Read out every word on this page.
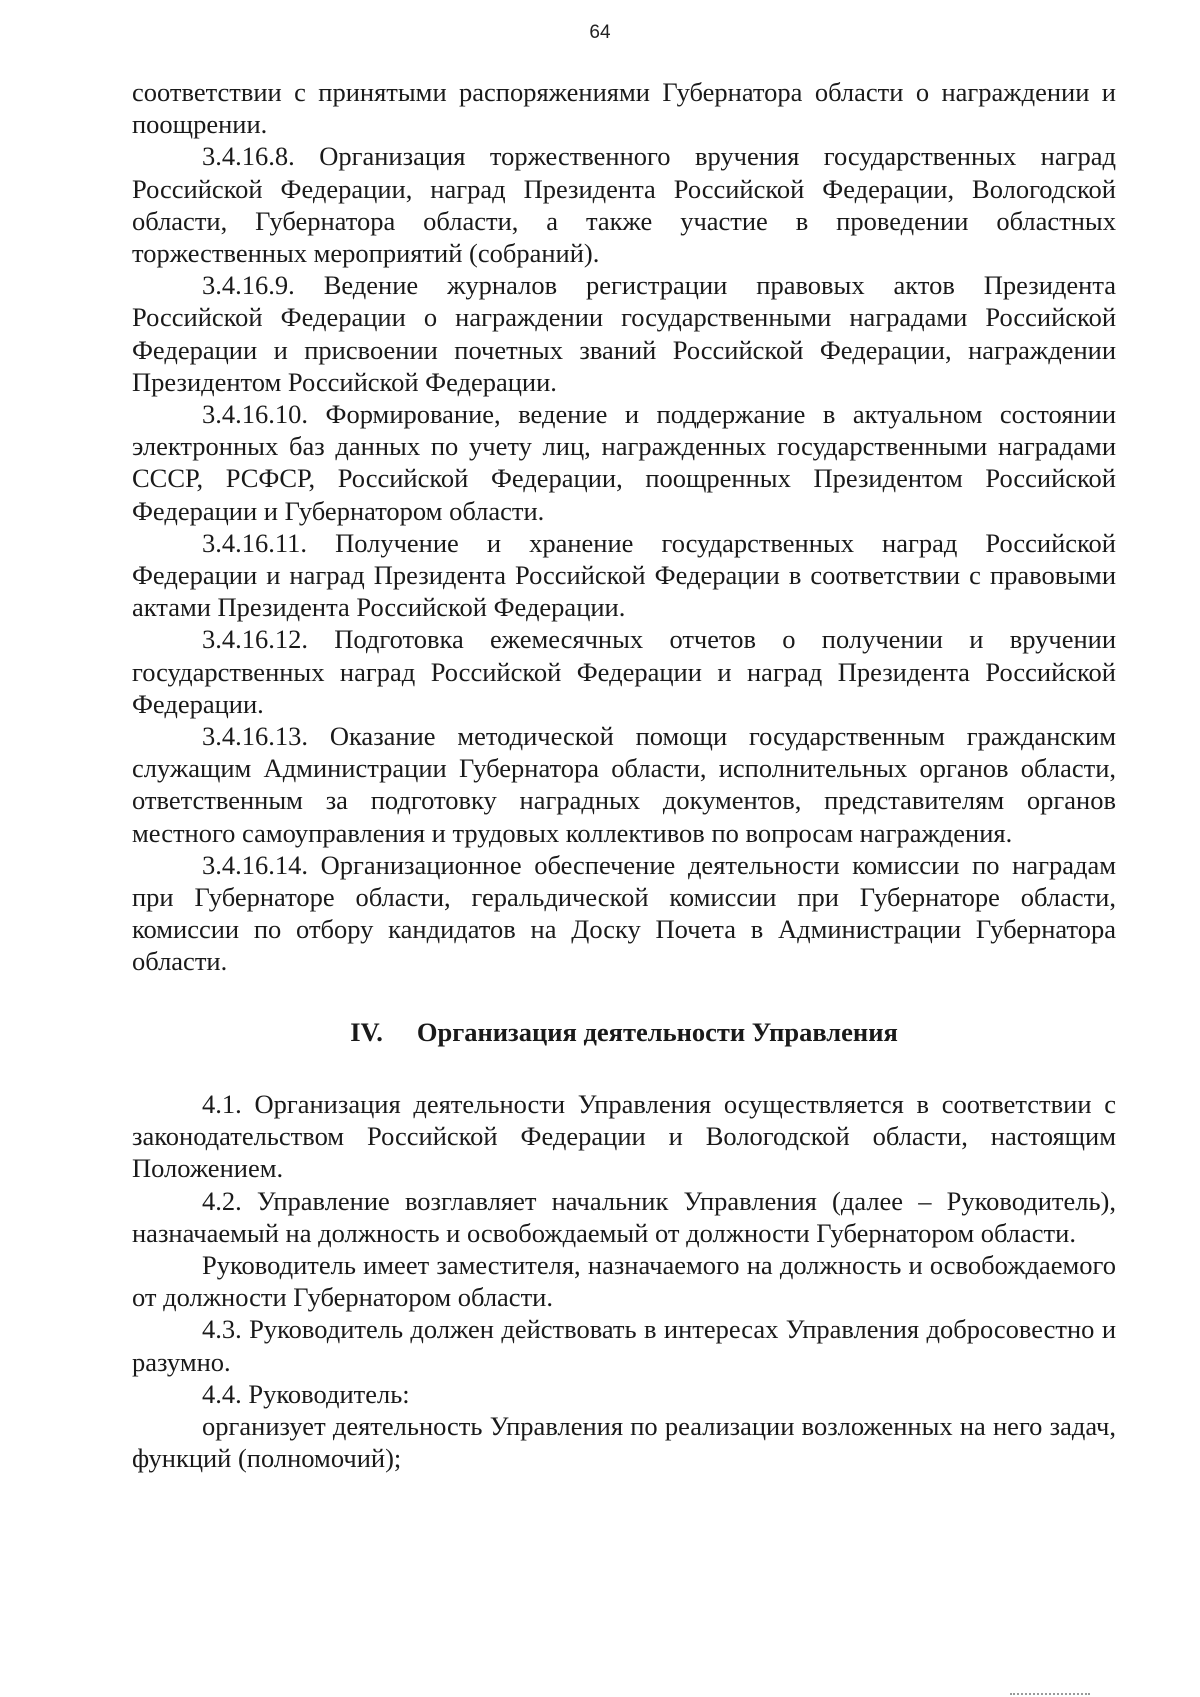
64

соответствии с принятыми распоряжениями Губернатора области о награждении и поощрении.

3.4.16.8. Организация торжественного вручения государственных наград Российской Федерации, наград Президента Российской Федерации, Вологодской области, Губернатора области, а также участие в проведении областных торжественных мероприятий (собраний).

3.4.16.9. Ведение журналов регистрации правовых актов Президента Российской Федерации о награждении государственными наградами Российской Федерации и присвоении почетных званий Российской Федерации, награждении Президентом Российской Федерации.

3.4.16.10. Формирование, ведение и поддержание в актуальном состоянии электронных баз данных по учету лиц, награжденных государственными наградами СССР, РСФСР, Российской Федерации, поощренных Президентом Российской Федерации и Губернатором области.

3.4.16.11. Получение и хранение государственных наград Российской Федерации и наград Президента Российской Федерации в соответствии с правовыми актами Президента Российской Федерации.

3.4.16.12. Подготовка ежемесячных отчетов о получении и вручении государственных наград Российской Федерации и наград Президента Российской Федерации.

3.4.16.13. Оказание методической помощи государственным гражданским служащим Администрации Губернатора области, исполнительных органов области, ответственным за подготовку наградных документов, представителям органов местного самоуправления и трудовых коллективов по вопросам награждения.

3.4.16.14. Организационное обеспечение деятельности комиссии по наградам при Губернаторе области, геральдической комиссии при Губернаторе области, комиссии по отбору кандидатов на Доску Почета в Администрации Губернатора области.

IV. Организация деятельности Управления

4.1. Организация деятельности Управления осуществляется в соответствии с законодательством Российской Федерации и Вологодской области, настоящим Положением.

4.2. Управление возглавляет начальник Управления (далее – Руководитель), назначаемый на должность и освобождаемый от должности Губернатором области.

Руководитель имеет заместителя, назначаемого на должность и освобождаемого от должности Губернатором области.

4.3. Руководитель должен действовать в интересах Управления добросовестно и разумно.

4.4. Руководитель:

организует деятельность Управления по реализации возложенных на него задач, функций (полномочий);
